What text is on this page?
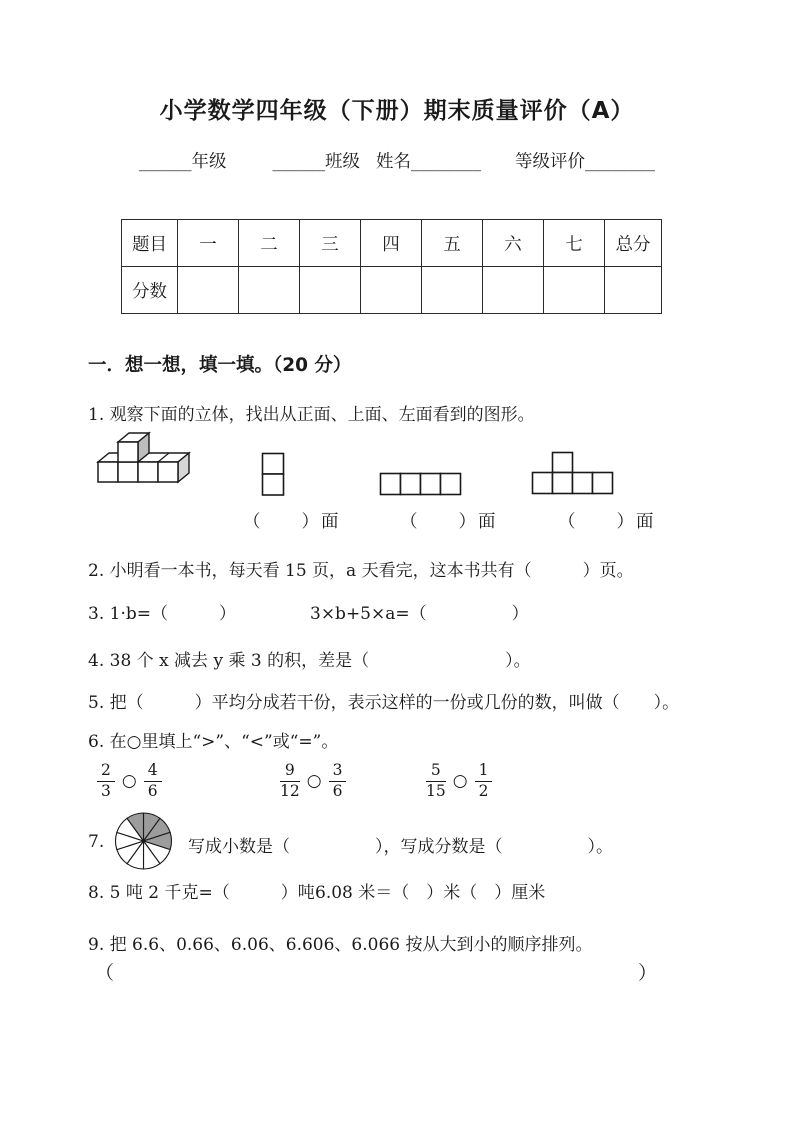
小学数学四年级（下册）期末质量评价（A）
______年级	______班级 姓名________ 等级评价________
题目	一	二	三	四	五	六	七	总分
分数								
一．想一想，填一填。（20 分）
1. 观察下面的立体，找出从正面、上面、左面看到的图形。
（　　）面	（　　）面	（　　）面
2. 小明看一本书，每天看 15 页，a 天看完，这本书共有（　　　）页。
3. 1·b=（　　　）	3×b+5×a=（　　　　　）
4. 38 个 x 减去 y 乘 3 的积，差是（　　　　　　　　）。
5. 把（　　　）平均分成若干份，表示这样的一份或几份的数，叫做（　　）。
6. 在○里填上“>”、“<”或“=”。
$\frac{2}{3}$ ○ $\frac{4}{6}$	$\frac{9}{12}$ ○ $\frac{3}{6}$	$\frac{5}{15}$ ○ $\frac{1}{2}$
7.	写成小数是（　　　　　），写成分数是（　　　　　）。
8. 5 吨 2 千克=（　　　）吨 6.08 米＝（　）米（　）厘米
9. 把 6.6、0.66、6.06、6.606、6.066 按从大到小的顺序排列。
（	）
